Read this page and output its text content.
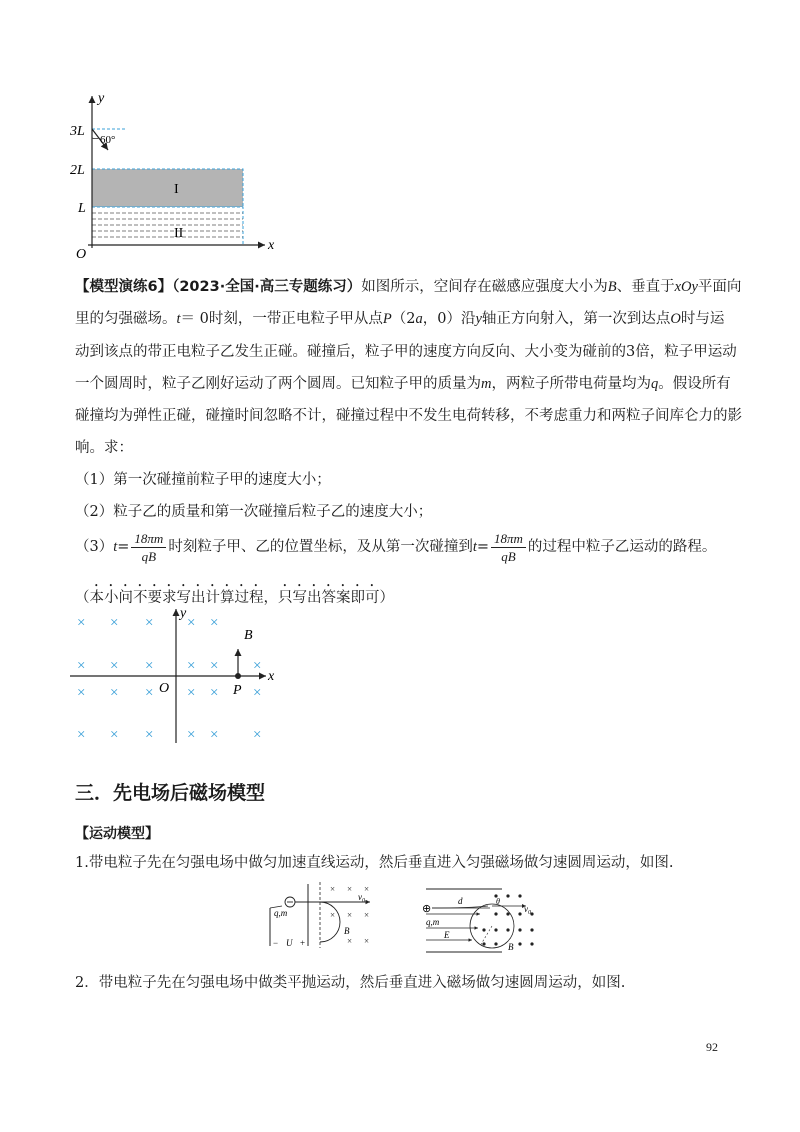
y
x
O
3L
2L
L
60°
I
II
【模型演练6】（2023·全国·高三专题练习）如图所示，空间存在磁感应强度大小为B、垂直于xOy平面向
里的匀强磁场。t＝ 0时刻，一带正电粒子甲从点P（2a，0）沿y轴正方向射入，第一次到达点O时与运
动到该点的带正电粒子乙发生正碰。碰撞后，粒子甲的速度方向反向、大小变为碰前的3倍，粒子甲运动
一个圆周时，粒子乙刚好运动了两个圆周。已知粒子甲的质量为m，两粒子所带电荷量均为q。假设所有
碰撞均为弹性正碰，碰撞时间忽略不计，碰撞过程中不发生电荷转移，不考虑重力和两粒子间库仑力的影
响。求：
（1）第一次碰撞前粒子甲的速度大小；
（2）粒子乙的质量和第一次碰撞后粒子乙的速度大小；
$(3)t= \frac{18\pi m}{qB}$ 时刻粒子甲、乙的位置坐标，及从第一次碰撞到$t= \frac{18\pi m}{qB}$ 的过程中粒子乙运动的路程。
（本小问不要求写出计算过程，只写出答案即可）
× × × × ×
× × × × × ×
× × × × × ×
× × × × × ×
y
x
O
B
P
三．先电场后磁场模型
【运动模型】
1.带电粒子先在匀强电场中做匀加速直线运动，然后垂直进入匀强磁场做匀速圆周运动，如图.
× × ×
× × ×
× ×
q,m
− U +
$v_0$
B
⊕
d
q,m
E
θ
$v_0$
B
2．带电粒子先在匀强电场中做类平抛运动，然后垂直进入磁场做匀速圆周运动，如图.
92
